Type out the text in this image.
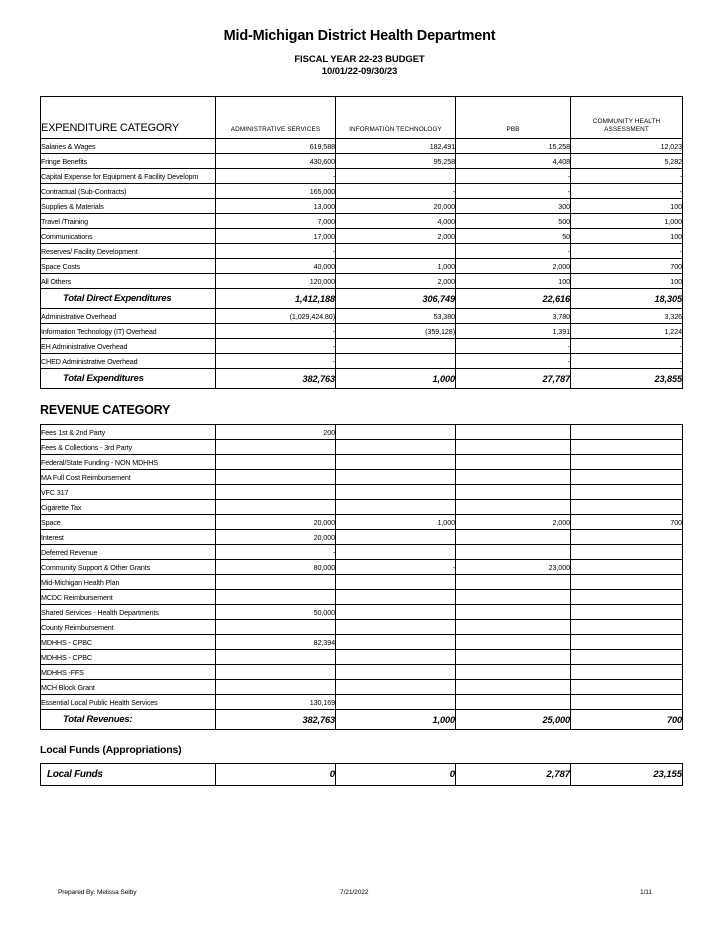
Mid-Michigan District Health Department
FISCAL YEAR 22-23 BUDGET
10/01/22-09/30/23
EXPENDITURE CATEGORY	ADMINISTRATIVE SERVICES	INFORMATION TECHNOLOGY	PBB	COMMUNITY HEALTH
ASSESSMENT
Salaries & Wages	619,588	182,491	15,258	12,023
Fringe Benefits	430,600	95,258	4,408	5,282
Capital Expense for Equipment & Facility Developm	-		-	-
Contractual (Sub-Contracts)	165,000	-	-	-
Supplies & Materials	13,000	20,000	300	100
Travel /Training	7,000	4,000	500	1,000
Communications	17,000	2,000	50	100
Reserves/ Facility Development	-		-	-
Space Costs	40,000	1,000	2,000	700
All Others	120,000	2,000	100	100
Total Direct Expenditures	1,412,188	306,749	22,616	18,305
Administrative Overhead	(1,029,424.80)	53,380	3,780	3,326
Information Technology (IT) Overhead	-	(359,128)	1,391	1,224
EH Administrative Overhead	-		-	-
CHED Administrative Overhead	-		-	-
Total Expenditures	382,763	1,000	27,787	23,855
REVENUE CATEGORY
Fees 1st & 2nd Party	200			
Fees & Collections - 3rd Party				
Federal/State Funding - NON MDHHS				
MA Full Cost Reimbursement				
VFC 317				
Cigarette Tax				
Space	20,000	1,000	2,000	700
Interest	20,000			
Deferred Revenue	-			
Community Support & Other Grants	80,000	-	23,000	
Mid-Michigan Health Plan				
MCDC Reimbursement				
Shared Services - Health Departments	50,000			
County Reimbursement				
MDHHS - CPBC	82,394			
MDHHS - CPBC				
MDHHS -FFS				
MCH Block Grant				
Essential Local Public Health Services	130,169			
Total Revenues:	382,763	1,000	25,000	700
Local Funds (Appropriations)
Local Funds	0	0	2,787	23,155
Prepared By: Melissa Selby	7/21/2022	1/11
